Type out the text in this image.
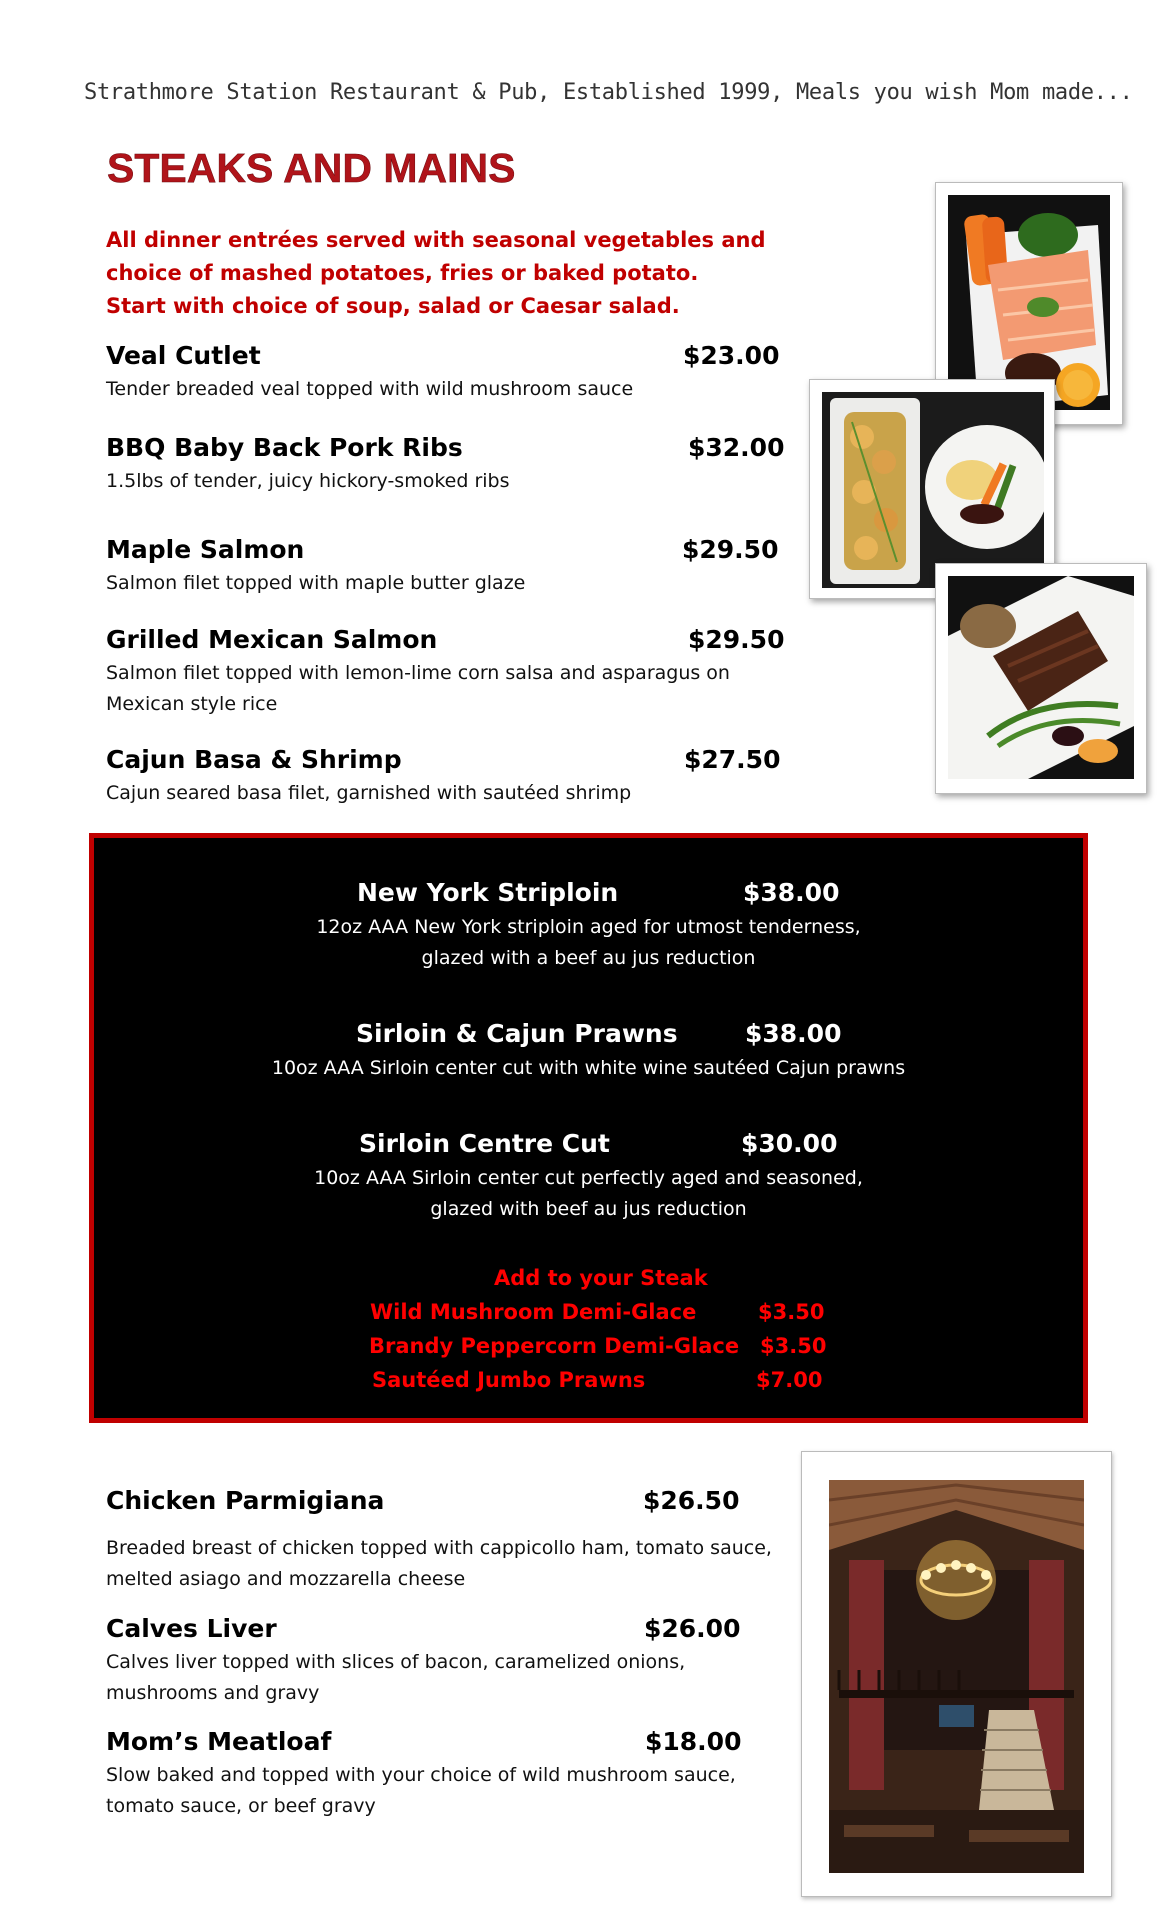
Strathmore Station Restaurant & Pub, Established 1999, Meals you wish Mom made...
STEAKS AND MAINS
All dinner entrées served with seasonal vegetables and
choice of mashed potatoes, fries or baked potato.
Start with choice of soup, salad or Caesar salad.
Veal Cutlet	$23.00
Tender breaded veal topped with wild mushroom sauce
BBQ Baby Back Pork Ribs	$32.00
1.5lbs of tender, juicy hickory-smoked ribs
Maple Salmon	$29.50
Salmon filet topped with maple butter glaze
Grilled Mexican Salmon	$29.50
Salmon filet topped with lemon-lime corn salsa and asparagus on
Mexican style rice
Cajun Basa & Shrimp	$27.50
Cajun seared basa filet, garnished with sautéed shrimp
New York Striploin	$38.00
12oz AAA New York striploin aged for utmost tenderness,
glazed with a beef au jus reduction
Sirloin & Cajun Prawns	$38.00
10oz AAA Sirloin center cut with white wine sautéed Cajun prawns
Sirloin Centre Cut	$30.00
10oz AAA Sirloin center cut perfectly aged and seasoned,
glazed with beef au jus reduction
Add to your Steak
Wild Mushroom Demi-Glace	$3.50
Brandy Peppercorn Demi-Glace $3.50
Sautéed Jumbo Prawns	$7.00
Chicken Parmigiana	$26.50
Breaded breast of chicken topped with cappicollo ham, tomato sauce,
melted asiago and mozzarella cheese
Calves Liver	$26.00
Calves liver topped with slices of bacon, caramelized onions,
mushrooms and gravy
Mom’s Meatloaf	$18.00
Slow baked and topped with your choice of wild mushroom sauce,
tomato sauce, or beef gravy
